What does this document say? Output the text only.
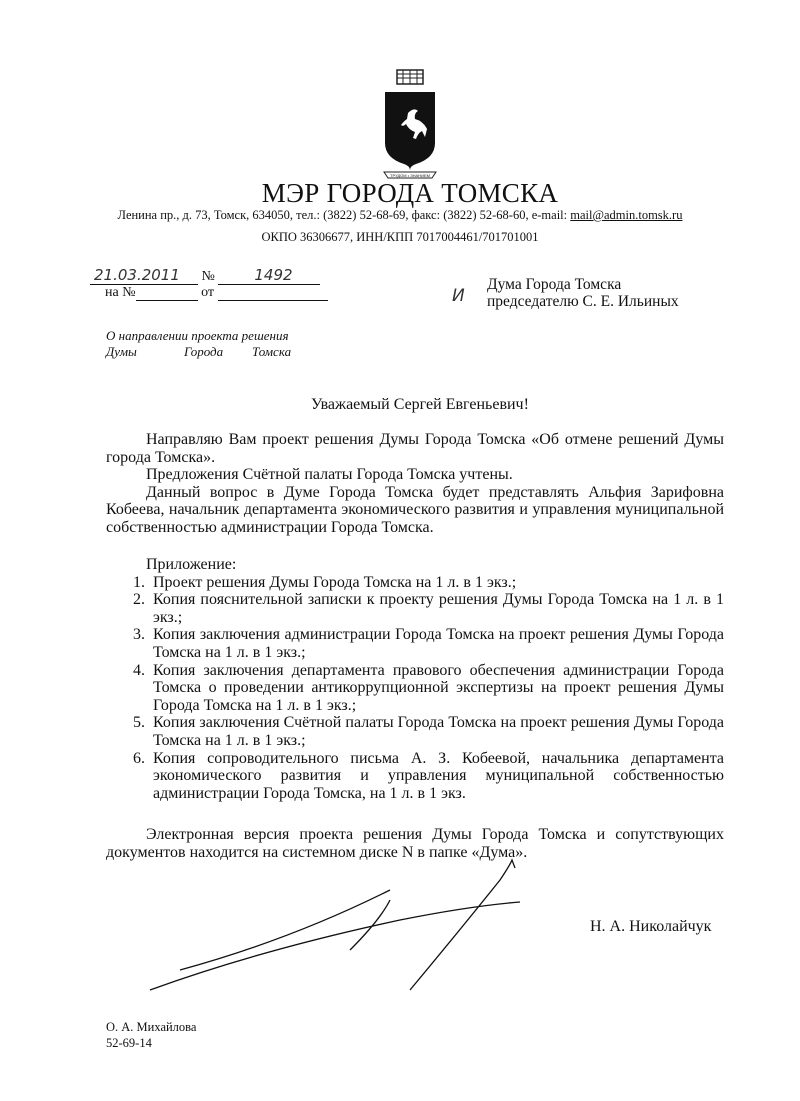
ТРУДОМ • ЗНАНИЕМ
МЭР ГОРОДА ТОМСКА
Ленина пр., д. 73, Томск, 634050, тел.: (3822) 52-68-69, факс: (3822) 52-68-60, e-mail: mail@admin.tomsk.ru
ОКПО 36306677, ИНН/КПП 7017004461/701701001
21.03.2011 №	1492
на №	от	И
Дума Города Томска
председателю С. Е. Ильиных
О направлении проекта решения
Думы	Города Томска
Уважаемый Сергей Евгеньевич!

Направляю Вам проект решения Думы Города Томска «Об отмене решений Думы города Томска».

Предложения Счётной палаты Города Томска учтены.

Данный вопрос в Думе Города Томска будет представлять Альфия Зарифовна Кобеева, начальник департамента экономического развития и управления муниципальной собственностью администрации Города Томска.

Приложение:

1. Проект решения Думы Города Томска на 1 л. в 1 экз.;
2. Копия пояснительной записки к проекту решения Думы Города Томска на 1 л. в 1 экз.;
3. Копия заключения администрации Города Томска на проект решения Думы Города Томска на 1 л. в 1 экз.;
4. Копия заключения департамента правового обеспечения администрации Города Томска о проведении антикоррупционной экспертизы на проект решения Думы Города Томска на 1 л. в 1 экз.;
5. Копия заключения Счётной палаты Города Томска на проект решения Думы Города Томска на 1 л. в 1 экз.;
6. Копия сопроводительного письма А. З. Кобеевой, начальника департамента экономического развития и управления муниципальной собственностью администрации Города Томска, на 1 л. в 1 экз.

Электронная версия проекта решения Думы Города Томска и сопутствующих документов находится на системном диске N в папке «Дума».

Н. А. Николайчук
О. А. Михайлова
52-69-14
